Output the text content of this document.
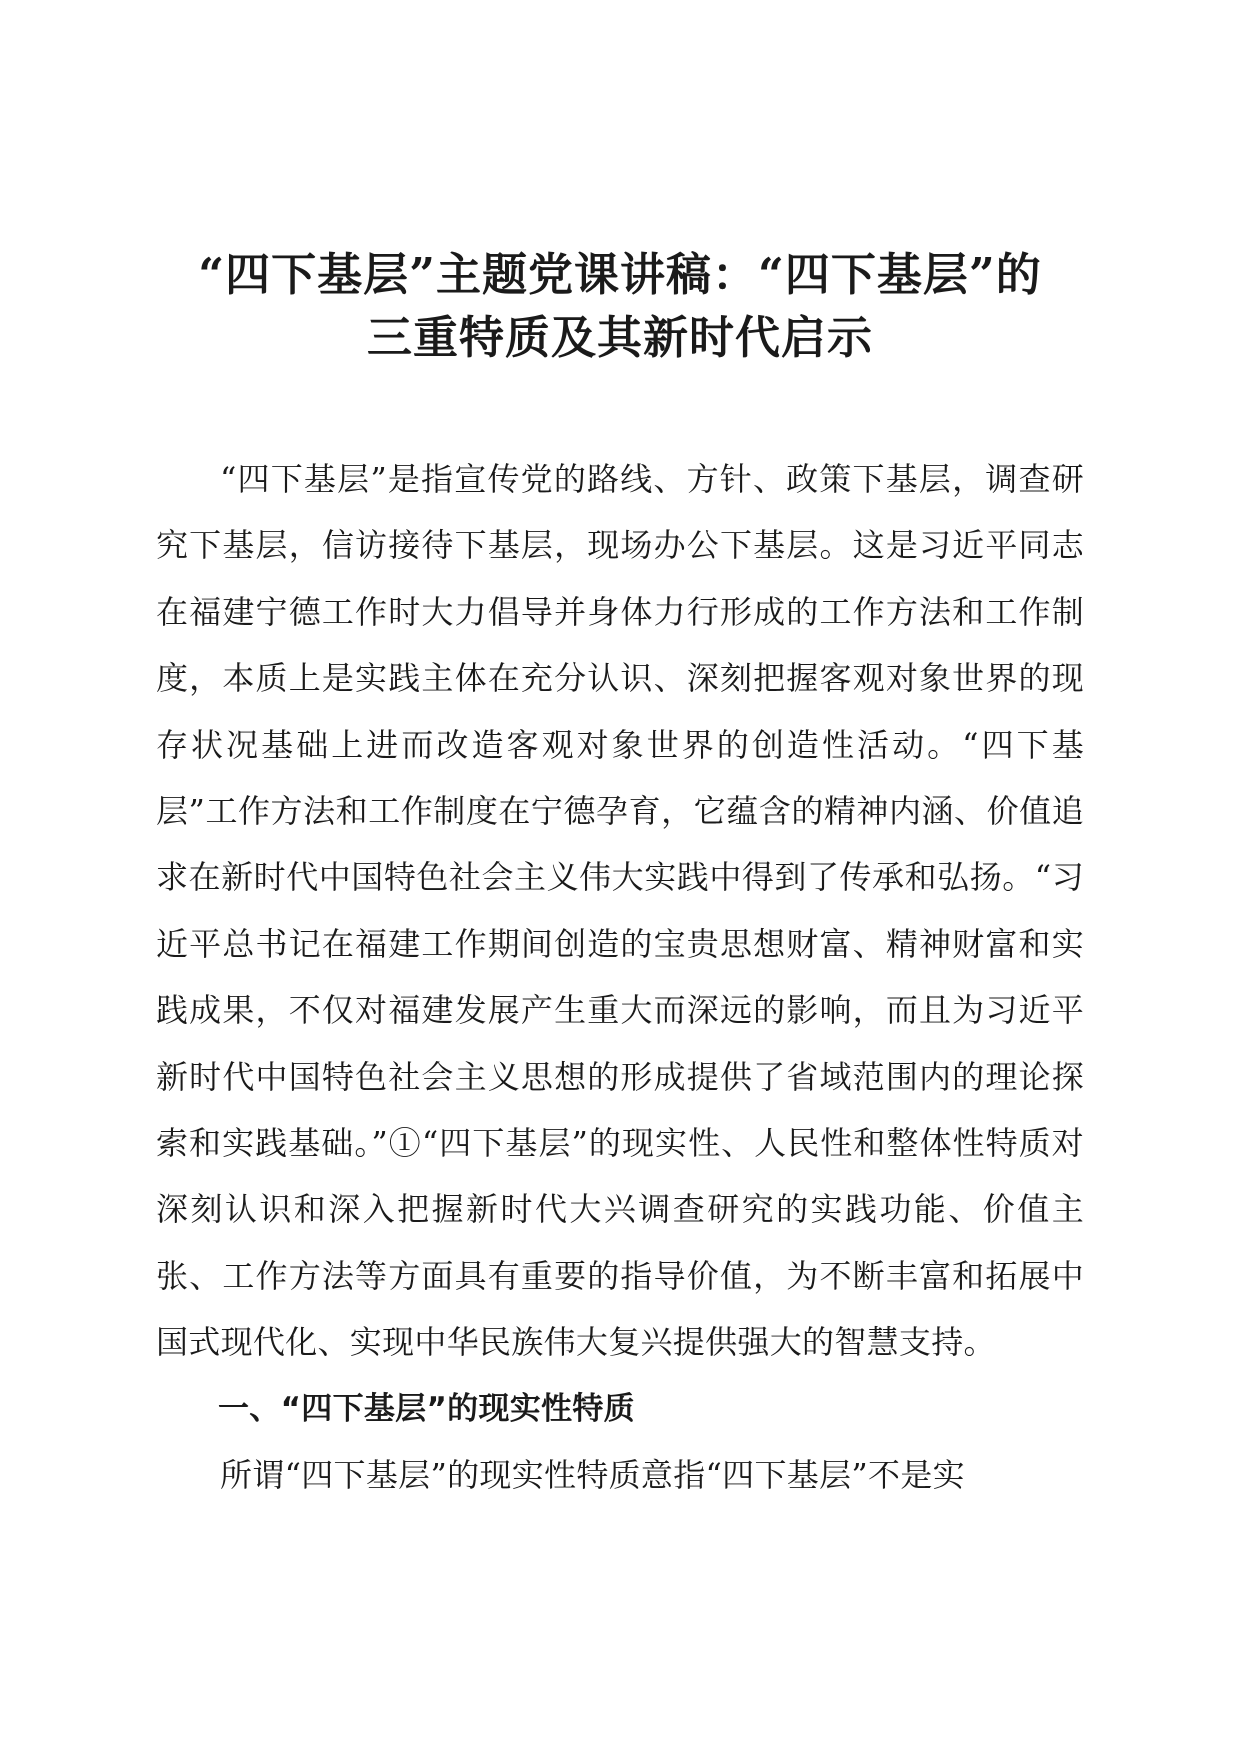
“四下基层”主题党课讲稿：“四下基层”的
三重特质及其新时代启示

“四下基层”是指宣传党的路线、方针、政策下基层，调查研究下基层，信访接待下基层，现场办公下基层。这是习近平同志在福建宁德工作时大力倡导并身体力行形成的工作方法和工作制度，本质上是实践主体在充分认识、深刻把握客观对象世界的现存状况基础上进而改造客观对象世界的创造性活动。“四下基层”工作方法和工作制度在宁德孕育，它蕴含的精神内涵、价值追求在新时代中国特色社会主义伟大实践中得到了传承和弘扬。“习近平总书记在福建工作期间创造的宝贵思想财富、精神财富和实践成果，不仅对福建发展产生重大而深远的影响，而且为习近平新时代中国特色社会主义思想的形成提供了省域范围内的理论探索和实践基础。”①“四下基层”的现实性、人民性和整体性特质对深刻认识和深入把握新时代大兴调查研究的实践功能、价值主张、工作方法等方面具有重要的指导价值，为不断丰富和拓展中国式现代化、实现中华民族伟大复兴提供强大的智慧支持。

一、“四下基层”的现实性特质

所谓“四下基层”的现实性特质意指“四下基层”不是实
